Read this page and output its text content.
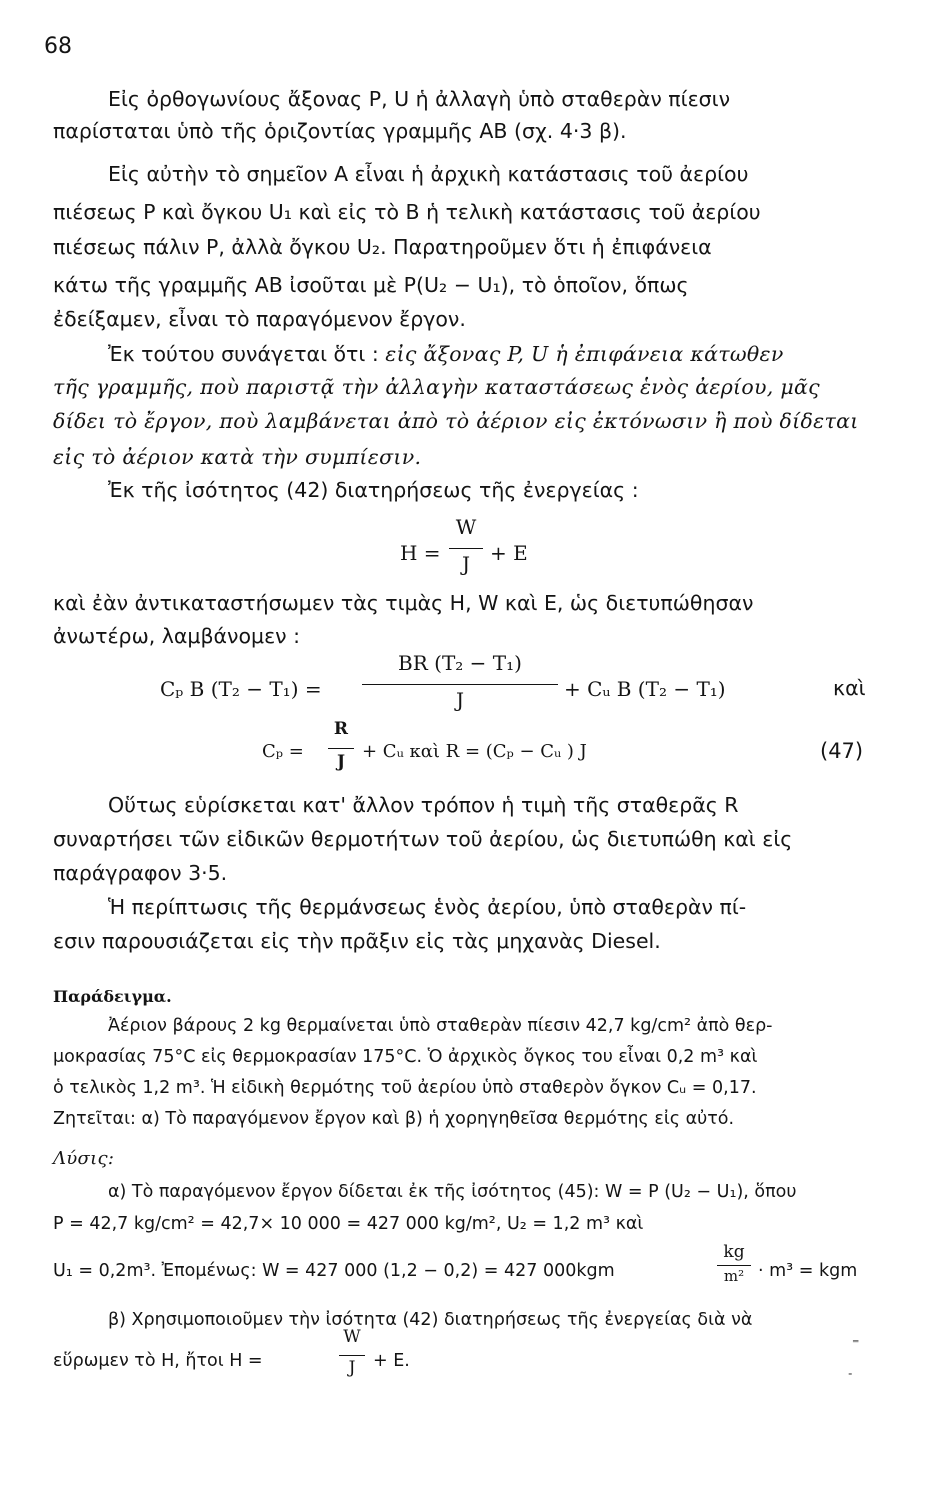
68
Εἰς ὀρθογωνίους ἄξονας P, U ἡ ἀλλαγὴ ὑπὸ σταθερὰν πίεσιν
παρίσταται ὑπὸ τῆς ὁριζοντίας γραμμῆς ΑΒ (σχ. 4·3 β).
Εἰς αὐτὴν τὸ σημεῖον Α εἶναι ἡ ἀρχικὴ κατάστασις τοῦ ἀερίου
πιέσεως P καὶ ὄγκου U₁ καὶ εἰς τὸ Β ἡ τελικὴ κατάστασις τοῦ ἀερίου
πιέσεως πάλιν P, ἀλλὰ ὄγκου U₂. Παρατηροῦμεν ὅτι ἡ ἐπιφάνεια
κάτω τῆς γραμμῆς ΑΒ ἰσοῦται μὲ P(U₂ − U₁), τὸ ὁποῖον, ὅπως
ἐδείξαμεν, εἶναι τὸ παραγόμενον ἔργον.
Ἐκ τούτου συνάγεται ὅτι : εἰς ἄξονας P, U ἡ ἐπιφάνεια κάτωθεν
τῆς γραμμῆς, ποὺ παριστᾷ τὴν ἀλλαγὴν καταστάσεως ἑνὸς ἀερίου, μᾶς
δίδει τὸ ἔργον, ποὺ λαμβάνεται ἀπὸ τὸ ἀέριον εἰς ἐκτόνωσιν ἢ ποὺ δίδεται
εἰς τὸ ἀέριον κατὰ τὴν συμπίεσιν.
Ἐκ τῆς ἰσότητος (42) διατηρήσεως τῆς ἐνεργείας :
H =
W
J + E
καὶ ἐὰν ἀντικαταστήσωμεν τὰς τιμὰς H, W καὶ E, ὡς διετυπώθησαν
ἀνωτέρω, λαμβάνομεν :
Cₚ B (T₂ − T₁) =
BR (T₂ − T₁)
J	+ Cᵤ B (T₂ − T₁)	καὶ
Cₚ =
R
J + Cᵤ καὶ R = (Cₚ − Cᵤ ) J	(47)
Οὕτως εὑρίσκεται κατ' ἄλλον τρόπον ἡ τιμὴ τῆς σταθερᾶς R
συναρτήσει τῶν εἰδικῶν θερμοτήτων τοῦ ἀερίου, ὡς διετυπώθη καὶ εἰς
παράγραφον 3·5.
Ἡ περίπτωσις τῆς θερμάνσεως ἑνὸς ἀερίου, ὑπὸ σταθερὰν πί-
εσιν παρουσιάζεται εἰς τὴν πρᾶξιν εἰς τὰς μηχανὰς Diesel.
Παράδειγμα.
Ἀέριον βάρους 2 kg θερμαίνεται ὑπὸ σταθερὰν πίεσιν 42,7 kg/cm² ἀπὸ θερ-
μοκρασίας 75°C εἰς θερμοκρασίαν 175°C. Ὁ ἀρχικὸς ὄγκος του εἶναι 0,2 m³ καὶ
ὁ τελικὸς 1,2 m³. Ἡ εἰδικὴ θερμότης τοῦ ἀερίου ὑπὸ σταθερὸν ὄγκον Cᵤ = 0,17.
Ζητεῖται: α) Τὸ παραγόμενον ἔργον καὶ β) ἡ χορηγηθεῖσα θερμότης εἰς αὐτό.
Λύσις:
α) Τὸ παραγόμενον ἔργον δίδεται ἐκ τῆς ἰσότητος (45): W = P (U₂ − U₁), ὅπου
P = 42,7 kg/cm² = 42,7× 10 000 = 427 000 kg/m², U₂ = 1,2 m³ καὶ
U₁ = 0,2m³. Ἐπομένως: W = 427 000 (1,2 − 0,2) = 427 000kgm
kg
m² · m³ = kgm
β) Χρησιμοποιοῦμεν τὴν ἰσότητα (42) διατηρήσεως τῆς ἐνεργείας διὰ νὰ
εὕρωμεν τὸ H, ἤτοι H =
W
J	+ E.
⁼
˗
